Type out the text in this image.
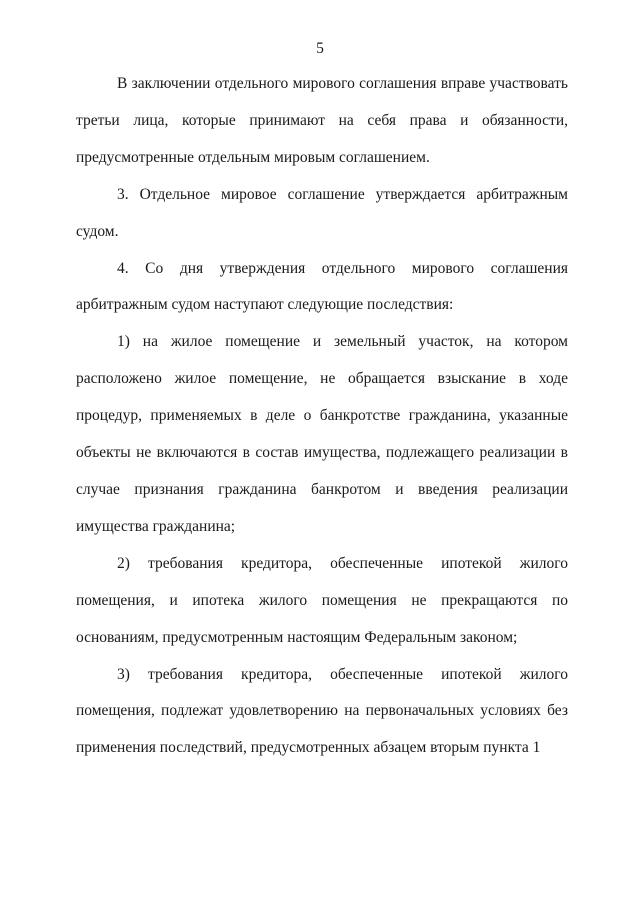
5

В заключении отдельного мирового соглашения вправе участвовать третьи лица, которые принимают на себя права и обязанности, предусмотренные отдельным мировым соглашением.

3. Отдельное мировое соглашение утверждается арбитражным судом.

4. Со дня утверждения отдельного мирового соглашения арбитражным судом наступают следующие последствия:

1) на жилое помещение и земельный участок, на котором расположено жилое помещение, не обращается взыскание в ходе процедур, применяемых в деле о банкротстве гражданина, указанные объекты не включаются в состав имущества, подлежащего реализации в случае признания гражданина банкротом и введения реализации имущества гражданина;

2) требования кредитора, обеспеченные ипотекой жилого помещения, и ипотека жилого помещения не прекращаются по основаниям, предусмотренным настоящим Федеральным законом;

3) требования кредитора, обеспеченные ипотекой жилого помещения, подлежат удовлетворению на первоначальных условиях без применения последствий, предусмотренных абзацем вторым пункта 1
